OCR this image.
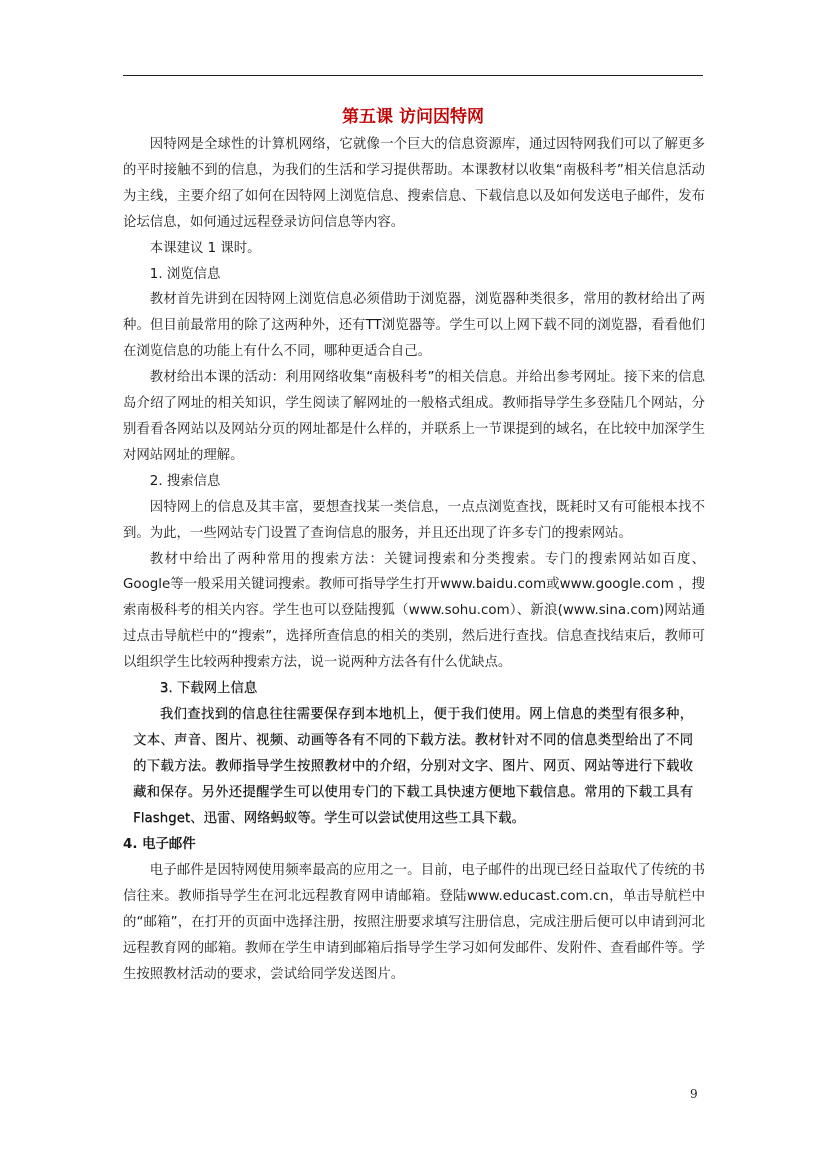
第五课 访问因特网

因特网是全球性的计算机网络，它就像一个巨大的信息资源库，通过因特网我们可以了解更多的平时接触不到的信息，为我们的生活和学习提供帮助。本课教材以收集“南极科考”相关信息活动为主线，主要介绍了如何在因特网上浏览信息、搜索信息、下载信息以及如何发送电子邮件，发布论坛信息，如何通过远程登录访问信息等内容。

本课建议 1 课时。

1. 浏览信息

教材首先讲到在因特网上浏览信息必须借助于浏览器，浏览器种类很多，常用的教材给出了两种。但目前最常用的除了这两种外，还有TT浏览器等。学生可以上网下载不同的浏览器，看看他们在浏览信息的功能上有什么不同，哪种更适合自己。

教材给出本课的活动：利用网络收集“南极科考”的相关信息。并给出参考网址。接下来的信息岛介绍了网址的相关知识，学生阅读了解网址的一般格式组成。教师指导学生多登陆几个网站，分别看看各网站以及网站分页的网址都是什么样的，并联系上一节课提到的域名，在比较中加深学生对网站网址的理解。

2. 搜索信息

因特网上的信息及其丰富，要想查找某一类信息，一点点浏览查找，既耗时又有可能根本找不到。为此，一些网站专门设置了查询信息的服务，并且还出现了许多专门的搜索网站。

教材中给出了两种常用的搜索方法：关键词搜索和分类搜索。专门的搜索网站如百度、Google等一般采用关键词搜索。教师可指导学生打开www.baidu.com或www.google.com ，搜索南极科考的相关内容。学生也可以登陆搜狐（www.sohu.com）、新浪(www.sina.com)网站通过点击导航栏中的“搜索”，选择所查信息的相关的类别，然后进行查找。信息查找结束后，教师可以组织学生比较两种搜索方法，说一说两种方法各有什么优缺点。

3. 下载网上信息

我们查找到的信息往往需要保存到本地机上，便于我们使用。网上信息的类型有很多种，文本、声音、图片、视频、动画等各有不同的下载方法。教材针对不同的信息类型给出了不同的下载方法。教师指导学生按照教材中的介绍，分别对文字、图片、网页、网站等进行下载收藏和保存。另外还提醒学生可以使用专门的下载工具快速方便地下载信息。常用的下载工具有Flashget、迅雷、网络蚂蚁等。学生可以尝试使用这些工具下载。

4. 电子邮件

电子邮件是因特网使用频率最高的应用之一。目前，电子邮件的出现已经日益取代了传统的书信往来。教师指导学生在河北远程教育网申请邮箱。登陆www.educast.com.cn，单击导航栏中的“邮箱”，在打开的页面中选择注册，按照注册要求填写注册信息，完成注册后便可以申请到河北远程教育网的邮箱。教师在学生申请到邮箱后指导学生学习如何发邮件、发附件、查看邮件等。学生按照教材活动的要求，尝试给同学发送图片。

9
